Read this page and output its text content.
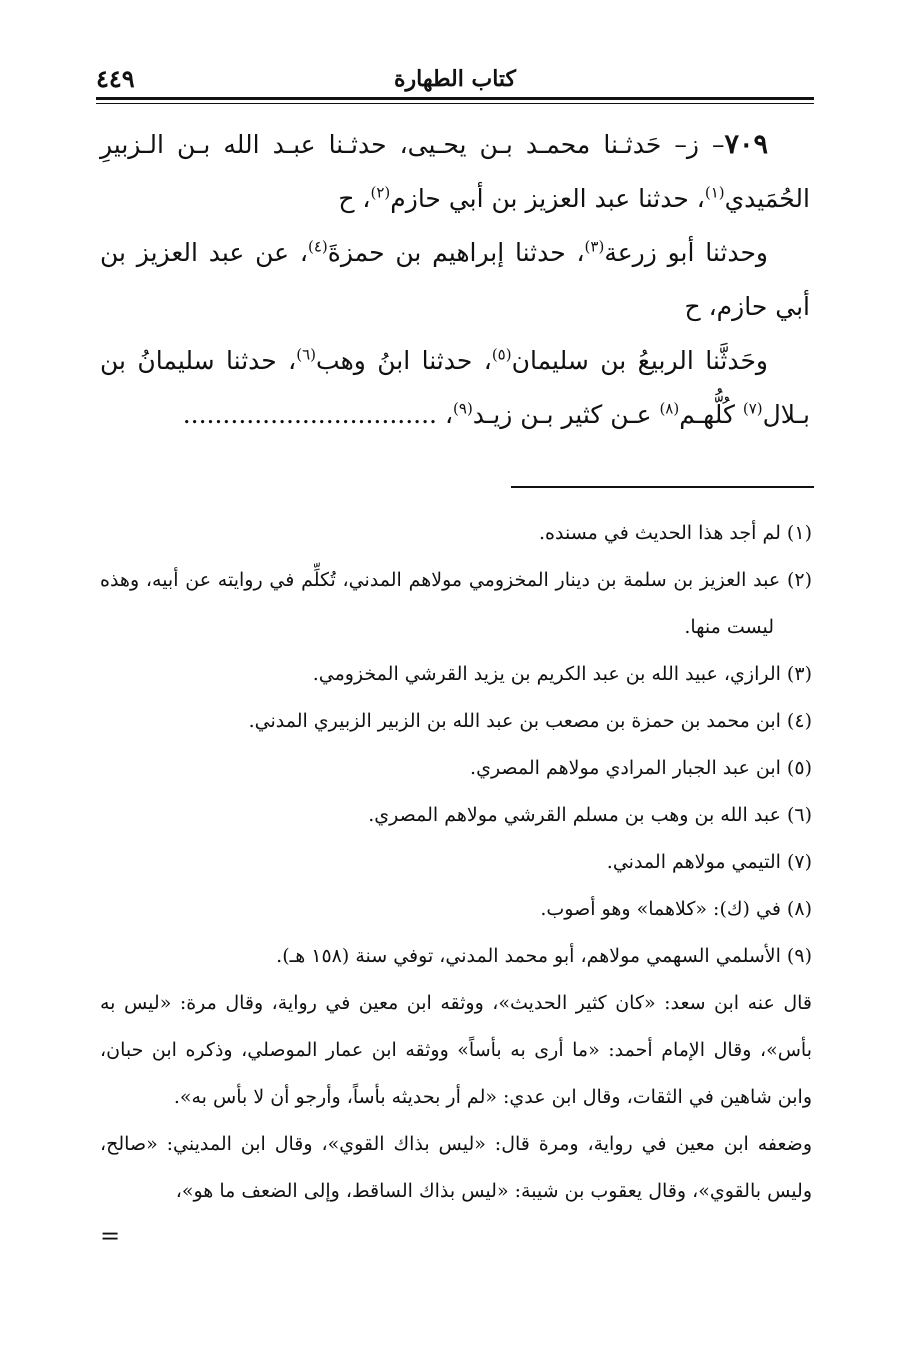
كتاب الطهارة
٤٤٩

٧٠٩– ز– حَدثـنا محمـد بـن يحـيى، حدثـنا عبـد الله بـن الـزبيرِ الحُمَيدي$^{(١)}$، حدثنا عبد العزيز بن أبي حازم$^{(٢)}$، ح

وحدثنا أبو زرعة$^{(٣)}$، حدثنا إبراهيم بن حمزةَ$^{(٤)}$، عن عبد العزيز بن أبي حازم، ح

وحَدثَّنا الربيعُ بن سليمان$^{(٥)}$، حدثنا ابنُ وهب$^{(٦)}$، حدثنا سليمانُ بن بـلال$^{(٧)}$ كُلُّهـم$^{(٨)}$ عـن كثير بـن زيـد$^{(٩)}$، ................................

(١) لم أجد هذا الحديث في مسنده.

(٢) عبد العزيز بن سلمة بن دينار المخزومي مولاهم المدني، تُكلِّم في روايته عن أبيه، وهذه ليست منها.

(٣) الرازي، عبيد الله بن عبد الكريم بن يزيد القرشي المخزومي.

(٤) ابن محمد بن حمزة بن مصعب بن عبد الله بن الزبير الزبيري المدني.

(٥) ابن عبد الجبار المرادي مولاهم المصري.

(٦) عبد الله بن وهب بن مسلم القرشي مولاهم المصري.

(٧) التيمي مولاهم المدني.

(٨) في (ك): «كلاهما» وهو أصوب.

(٩) الأسلمي السهمي مولاهم، أبو محمد المدني، توفي سنة (١٥٨ هـ).

قال عنه ابن سعد: «كان كثير الحديث»، ووثقه ابن معين في رواية، وقال مرة: «ليس به بأس»، وقال الإمام أحمد: «ما أرى به بأساً» ووثقه ابن عمار الموصلي، وذكره ابن حبان، وابن شاهين في الثقات، وقال ابن عدي: «لم أر بحديثه بأساً، وأرجو أن لا بأس به».

وضعفه ابن معين في رواية، ومرة قال: «ليس بذاك القوي»، وقال ابن المديني: «صالح، وليس بالقوي»، وقال يعقوب بن شيبة: «ليس بذاك الساقط، وإلى الضعف ما هو»،

=
